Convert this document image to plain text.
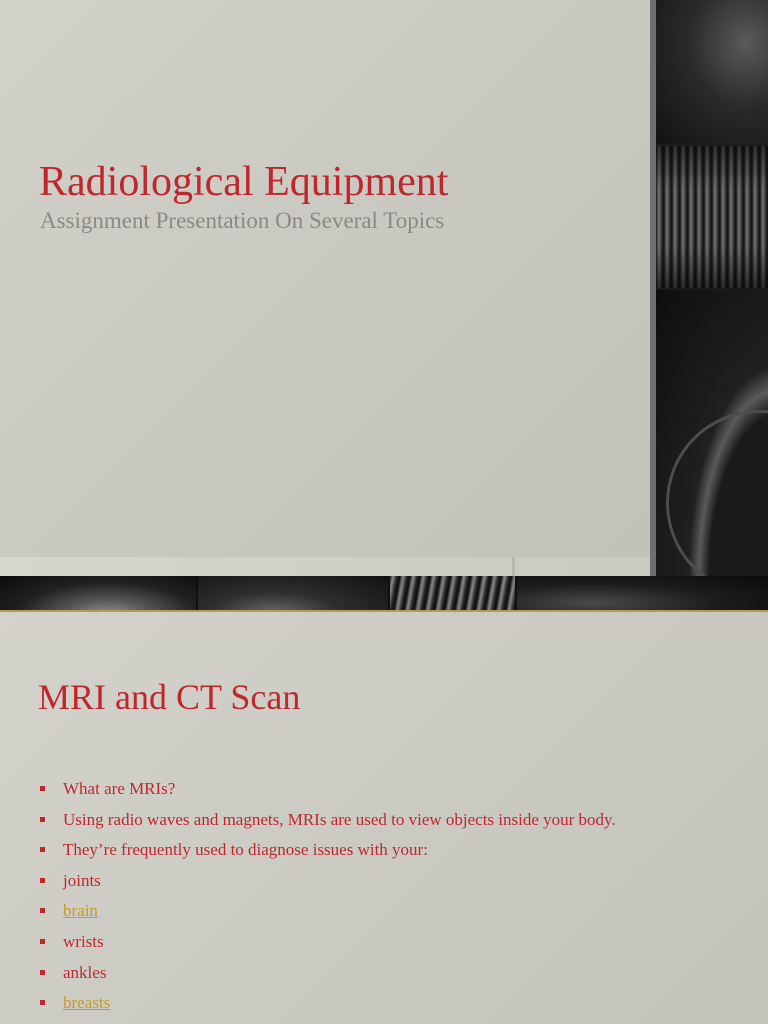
Radiological Equipment

Assignment Presentation On Several Topics

MRI and CT Scan
What are MRIs?
Using radio waves and magnets, MRIs are used to view objects inside your body.
They’re frequently used to diagnose issues with your:
joints
brain
wrists
ankles
breasts
